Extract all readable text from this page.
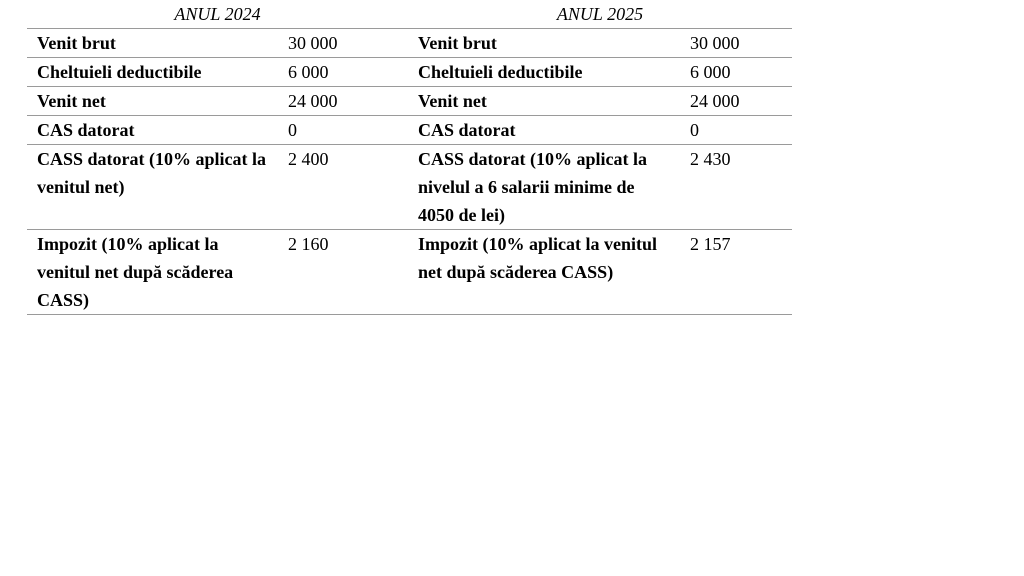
ANUL 2024		ANUL 2025	
Venit brut	30 000	Venit brut	30 000
Cheltuieli deductibile	6 000	Cheltuieli deductibile	6 000
Venit net	24 000	Venit net	24 000
CAS datorat	0	CAS datorat	0
CASS datorat (10% aplicat la venitul net)	2 400	CASS datorat (10% aplicat la nivelul a 6 salarii minime de 4050 de lei)	2 430
Impozit (10% aplicat la venitul net după scăderea CASS)	2 160	Impozit (10% aplicat la venitul net după scăderea CASS)	2 157
